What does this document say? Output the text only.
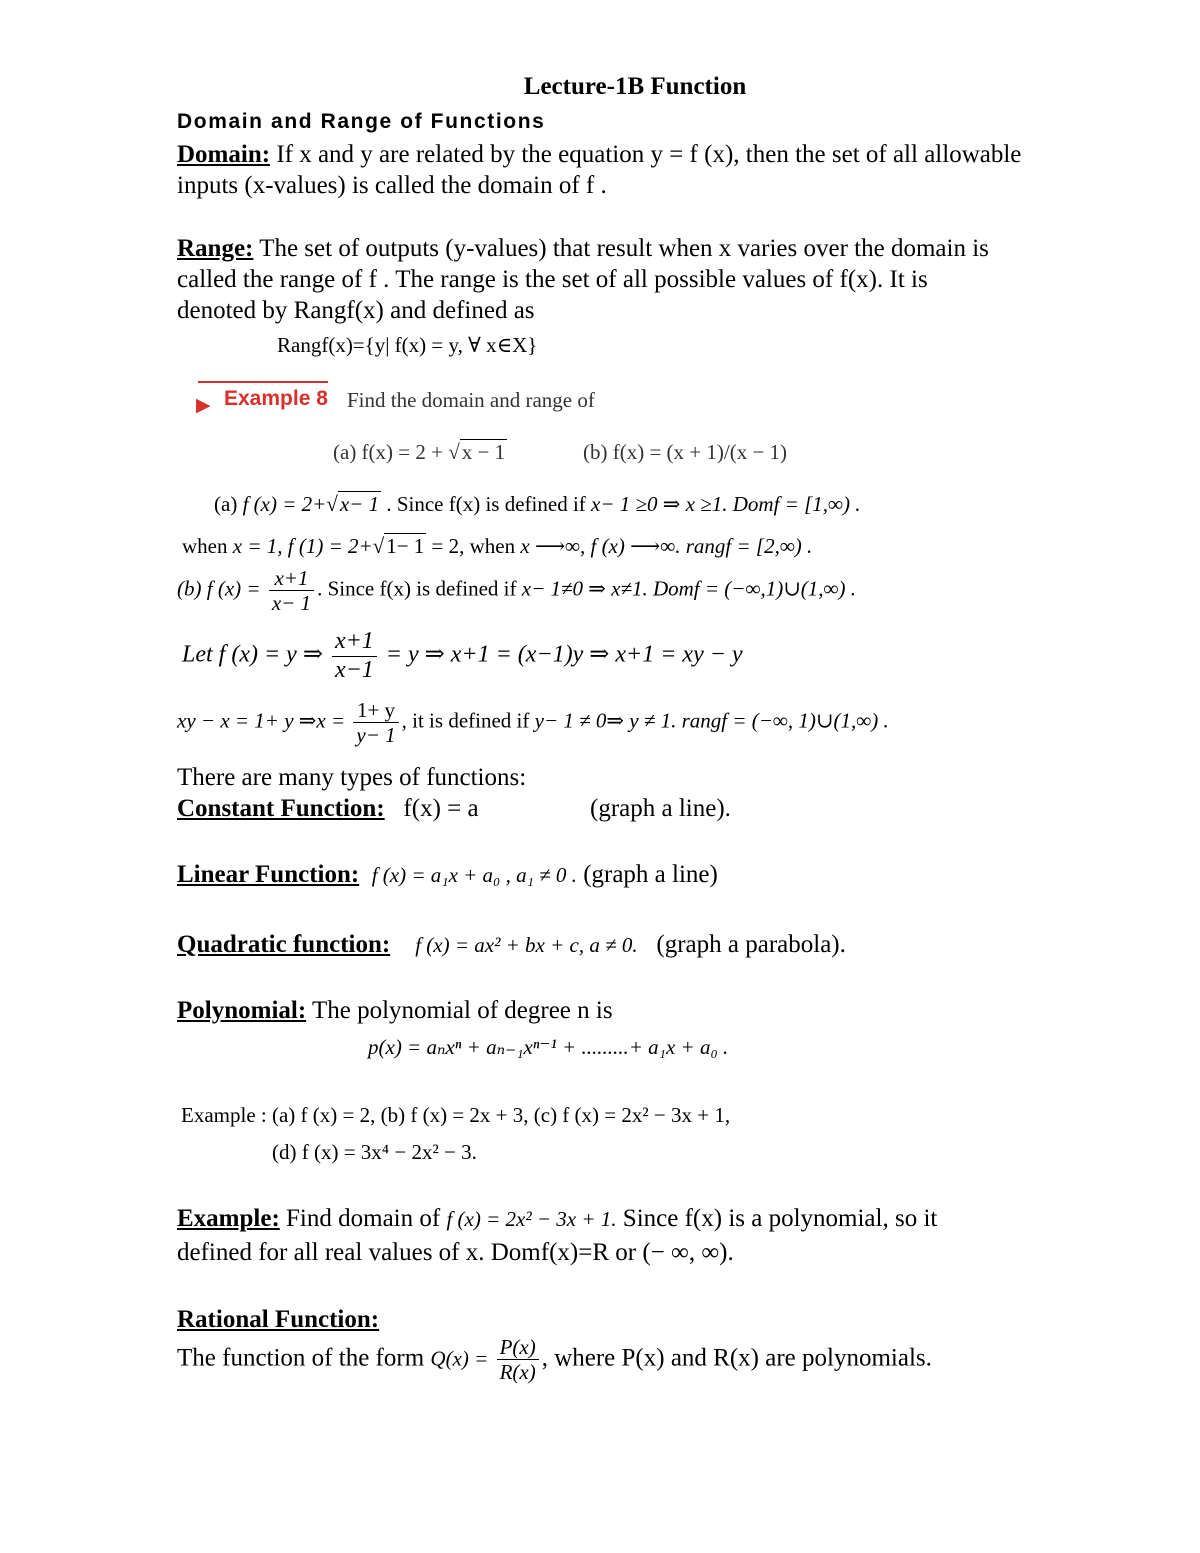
Lecture-1B Function
Domain and Range of Functions
Domain: If x and y are related by the equation y = f (x), then the set of all allowable
inputs (x-values) is called the domain of f .
Range: The set of outputs (y-values) that result when x varies over the domain is
called the range of f . The range is the set of all possible values of f(x). It is
denoted by Rangf(x) and defined as
Rangf(x)={y| f(x) = y, ∀ x∈X}
▶ Example 8 Find the domain and range of
(a) f(x) = 2 + √x − 1	(b) f(x) = (x + 1)/(x − 1)
(a) f (x) = 2+√x− 1 . Since f(x) is defined if x− 1 ≥0 ⇒ x ≥1. Domf = [1,∞) .
when x = 1, f (1) = 2+√1− 1 = 2, when x ⟶∞, f (x) ⟶∞. rangf = [2,∞) .
(b) f $(x) = \frac{x+1}{x- 1}$ . Since f(x) is defined if x− 1≠0 ⇒ x≠1. Domf = (−∞,1)∪(1,∞) .
Let f (x) = y ⇒ $\frac{x+1}{x-1} = y$ ⇒ x+1 = (x−1)y ⇒ x+1 = xy − y
xy − x = 1+ y ⇒x = $\frac{1+ y}{y- 1}$ , it is defined if y− 1 ≠ 0⇒ y ≠ 1. rangf = (−∞, 1)∪(1,∞) .
There are many types of functions:
Constant Function: f(x) = a	(graph a line).
Linear Function: f (x) = a₁x + a₀ , a₁ ≠ 0 . (graph a line)
Quadratic function: f (x) = ax² + bx + c, a ≠ 0. (graph a parabola).
Polynomial: The polynomial of degree n is
p(x) = aₙxⁿ + aₙ₋₁xⁿ⁻¹ + .........+ a₁x + a₀ .
Example : (a) f (x) = 2, (b) f (x) = 2x + 3, (c) f (x) = 2x² − 3x + 1,
(d) f (x) = 3x⁴ − 2x² − 3.
Example: Find domain of f (x) = 2x² − 3x + 1. Since f(x) is a polynomial, so it
defined for all real values of x. Domf(x)=R or (− ∞, ∞).
Rational Function:
The function of the form $Q(x) = \frac{P(x)}{R(x)}$ , where P(x) and R(x) are polynomials.
